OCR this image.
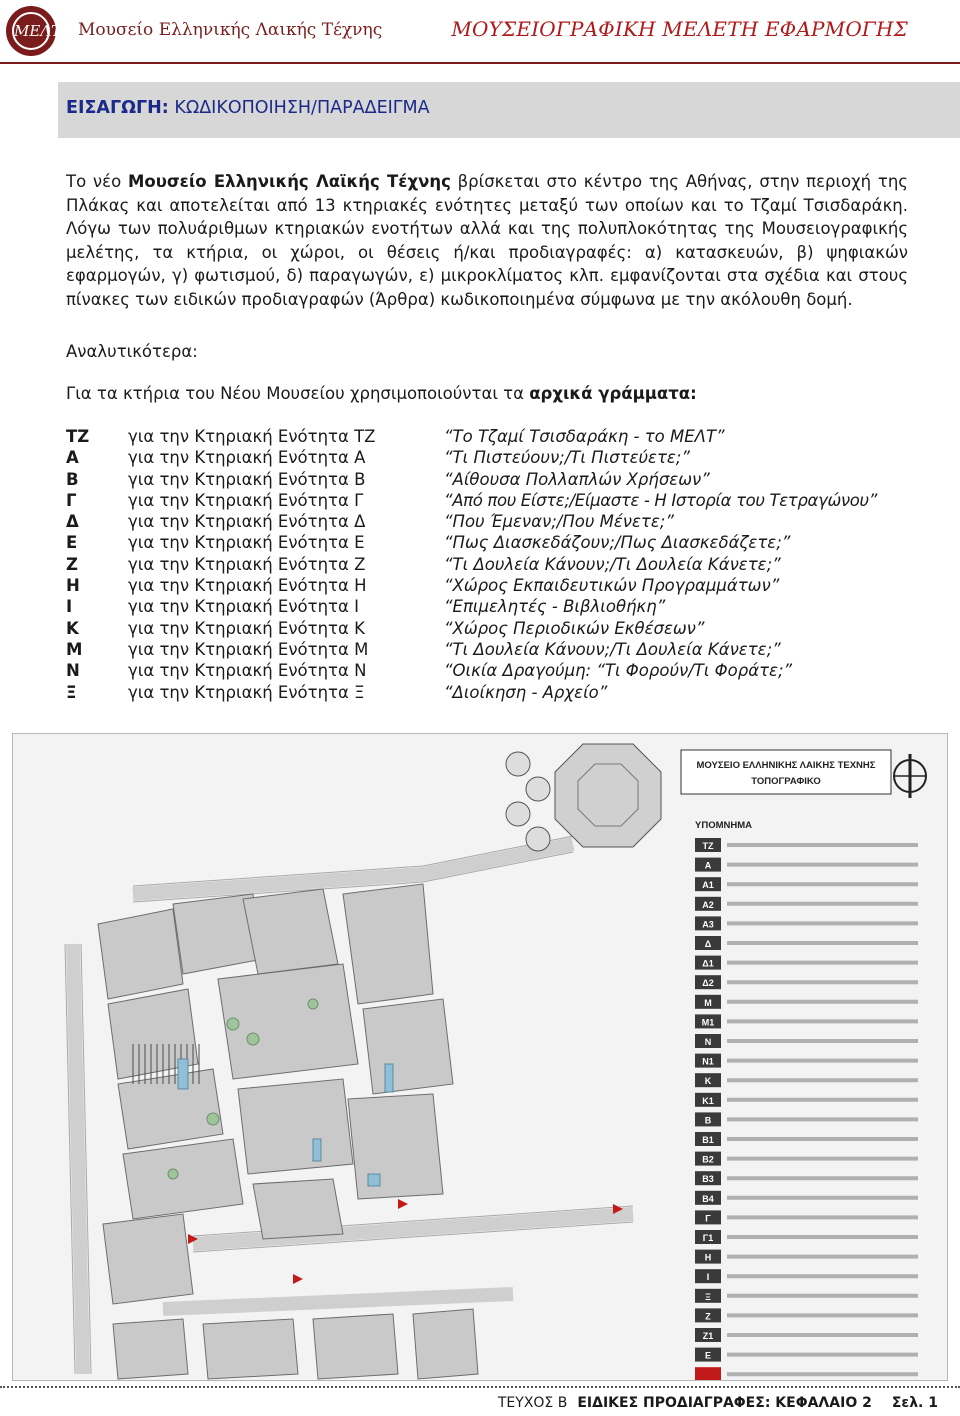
ΜΕΛΤ Μουσείο Ελληνικής Λαικής Τέχνης	ΜΟΥΣΕΙΟΓΡΑΦΙΚΗ ΜΕΛΕΤΗ ΕΦΑΡΜΟΓΗΣ
ΕΙΣΑΓΩΓΗ: ΚΩΔΙΚΟΠΟΙΗΣΗ/ΠΑΡΑΔΕΙΓΜΑ

Το νέο Μουσείο Ελληνικής Λαϊκής Τέχνης βρίσκεται στο κέντρο της Αθήνας, στην περιοχή της Πλάκας και αποτελείται από 13 κτηριακές ενότητες μεταξύ των οποίων και το Τζαμί Τσισδαράκη. Λόγω των πολυάριθμων κτηριακών ενοτήτων αλλά και της πολυπλοκότητας της Μουσειογραφικής μελέτης, τα κτήρια, οι χώροι, οι θέσεις ή/και προδιαγραφές: α) κατασκευών, β) ψηφιακών εφαρμογών, γ) φωτισμού, δ) παραγωγών, ε) μικροκλίματος κλπ. εμφανίζονται στα σχέδια και στους πίνακες των ειδικών προδιαγραφών (Άρθρα) κωδικοποιημένα σύμφωνα με την ακόλουθη δομή.

Αναλυτικότερα:
Για τα κτήρια του Νέου Μουσείου χρησιμοποιούνται τα αρχικά γράμματα:
ΤΖ	για την Κτηριακή Ενότητα ΤΖ	“Το Τζαμί Τσισδαράκη - το ΜΕΛΤ”
Α	για την Κτηριακή Ενότητα Α	“Τι Πιστεύουν;/Τι Πιστεύετε;”
Β	για την Κτηριακή Ενότητα Β	“Αίθουσα Πολλαπλών Χρήσεων”
Γ	για την Κτηριακή Ενότητα Γ	“Από που Είστε;/Είμαστε - Η Ιστορία του Τετραγώνου”
Δ	για την Κτηριακή Ενότητα Δ	“Που Έμεναν;/Που Μένετε;”
Ε	για την Κτηριακή Ενότητα Ε	“Πως Διασκεδάζουν;/Πως Διασκεδάζετε;”
Ζ	για την Κτηριακή Ενότητα Ζ	“Τι Δουλεία Κάνουν;/Τι Δουλεία Κάνετε;”
Η	για την Κτηριακή Ενότητα Η	“Χώρος Εκπαιδευτικών Προγραμμάτων”
Ι	για την Κτηριακή Ενότητα Ι	“Επιμελητές - Βιβλιοθήκη”
Κ	για την Κτηριακή Ενότητα Κ	“Χώρος Περιοδικών Εκθέσεων”
Μ	για την Κτηριακή Ενότητα Μ	“Τι Δουλεία Κάνουν;/Τι Δουλεία Κάνετε;”
Ν	για την Κτηριακή Ενότητα Ν	“Οικία Δραγούμη: “Τι Φορούν/Τι Φοράτε;”
Ξ	για την Κτηριακή Ενότητα Ξ	“Διοίκηση - Αρχείο”
ΜΟΥΣΕΙΟ ΕΛΛΗΝΙΚΗΣ ΛΑΙΚΗΣ ΤΕΧΝΗΣ
ΤΟΠΟΓΡΑΦΙΚΟ
ΥΠΟΜΝΗΜΑ
ΤΖ
Α
Α1
Α2
Α3
Δ
Δ1
Δ2
Μ
Μ1
Ν
Ν1
Κ
Κ1
Β
Β1
Β2
Β3
Β4
Γ
Γ1
Η
Ι
Ξ
Ζ
Ζ1
Ε
ΤΕΥΧΟΣ Β ΕΙΔΙΚΕΣ ΠΡΟΔΙΑΓΡΑΦΕΣ: ΚΕΦΑΛΑΙΟ 2 Σελ. 1
